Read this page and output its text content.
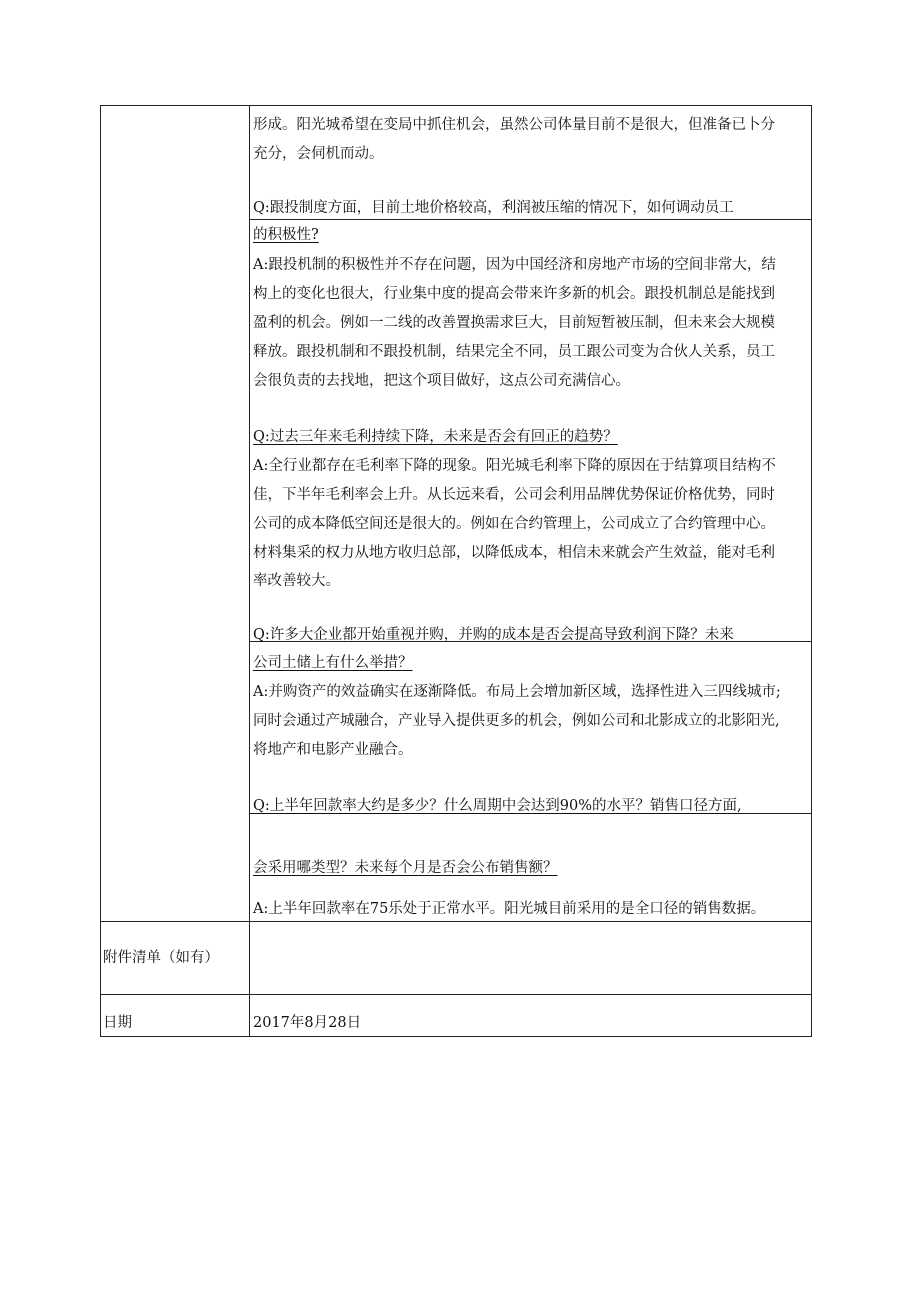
形成。阳光城希望在变局中抓住机会，虽然公司体量目前不是很大，但准备已卜分
充分，会伺机而动。
Q:跟投制度方面，目前土地价格较高，利润被压缩的情况下，如何调动员工
的积极性?
A:跟投机制的积极性并不存在问题，因为中国经济和房地产市场的空间非常大，结
构上的变化也很大，行业集中度的提高会带来许多新的机会。跟投机制总是能找到
盈利的机会。例如一二线的改善置换需求巨大，目前短暂被压制，但未来会大规模
释放。跟投机制和不跟投机制，结果完全不同，员工跟公司变为合伙人关系，员工
会很负责的去找地，把这个项目做好，这点公司充满信心。
Q:过去三年来毛利持续下降，未来是否会有回正的趋势？
A:全行业都存在毛利率下降的现象。阳光城毛利率下降的原因在于结算项目结构不
佳，下半年毛利率会上升。从长远来看，公司会利用品牌优势保证价格优势，同时
公司的成本降低空间还是很大的。例如在合约管理上，公司成立了合约管理中心。
材料集采的权力从地方收归总部，以降低成本，相信未来就会产生效益，能对毛利
率改善较大。
Q:许多大企业都开始重视并购，并购的成本是否会提高导致利润下降？未来
公司土储上有什么举措？
A:并购资产的效益确实在逐渐降低。布局上会增加新区域，选择性进入三四线城市;
同时会通过产城融合，产业导入提供更多的机会，例如公司和北影成立的北影阳光,
将地产和电影产业融合。
Q:上半年回款率大约是多少？什么周期中会达到90%的水平？销售口径方面,
会采用哪类型？未来每个月是否会公布销售额？
A:上半年回款率在75乐处于正常水平。阳光城目前采用的是全口径的销售数据。
附件清单（如有）
日期	2017年8月28日
